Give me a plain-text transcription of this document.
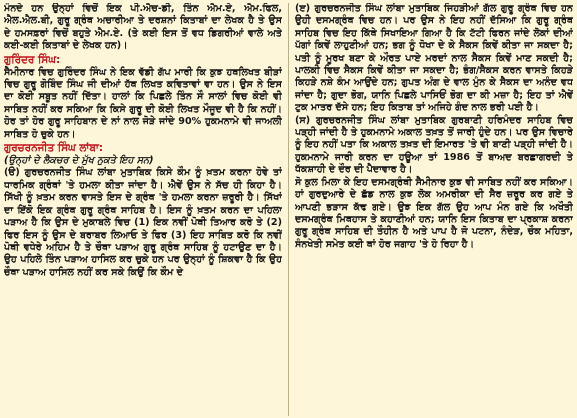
ਮੰਨਦੇ ਹਨ ਉਨ੍ਹਾਂ ਵਿਚੋਂ ਇਕ ਪੀ.ਐਚ-ਡੀ, ਤਿੰਨ ਐਮ.ਏ, ਐਮ.ਫਿਲ, ਐਲ.ਐਲ.ਬੀ, ਗੁਰੂ ਗ੍ਰੰਥ ਅਚਾਰੀਆ ਤੇ ਦਰਸ਼ਨਾਂ ਕਿਤਾਬਾਂ ਦਾ ਲੇਖਕ ਹੈ ਤੇ ਉਸ ਦੇ ਹਮਸਫ਼ਰਾਂ ਵਿਚੋਂ ਬਹੁਤੇ ਐਮ.ਏ. (ਤੇ ਕਈ ਇਸ ਤੋਂ ਵਧ ਡਿਗਰੀਆਂ ਵਾਲੇ ਅਤੇ ਕਈ-ਕਈ ਕਿਤਾਬਾਂ ਦੇ ਲੇਖਕ ਹਨ)।

ਗੁਰਿੰਦਰ ਸਿੰਘ:

ਸੈਮੀਨਾਰ ਵਿਚ ਗੁਰਿੰਦਰ ਸਿੰਘ ਨੇ ਇਕ ਵੱਡੀ ਗੱਪ ਮਾਰੀ ਕਿ ਕੁਝ ਹਥਲਿਖਤ ਬੀੜਾਂ ਵਿਚ ਗੁਰੂ ਗੋਬਿੰਦ ਸਿੰਘ ਜੀ ਦੀਆਂ ਹੱਥ ਲਿਖਤ ਕਵਿਤਾਵਾਂ ਵਾ ਹਨ। ਉਸ ਨੇ ਇਸ ਦਾ ਕੋਈ ਸਬੂਤ ਨਹੀਂ ਦਿੱਤਾ। ਹਾਲਾਂ ਕਿ ਪਿਛਲੇ ਤਿੰਨ ਸੌ ਸਾਲਾਂ ਵਿਚ ਕੋਈ ਵੀ ਸਾਬਿਤ ਨਹੀਂ ਕਰ ਸਕਿਆ ਕਿ ਕਿਸੇ ਗੁਰੂ ਦੀ ਕੋਈ ਲਿਖਤ ਮੌਜੂਦ ਵੀ ਹੈ ਕਿ ਨਹੀਂ। ਹੋਰ ਤਾਂ ਹੋਰ ਗੁਰੂ ਸਾਹਿਬਾਨ ਦੇ ਨਾਂ ਨਾਲ ਜੋੜੇ ਜਾਂਦੇ 90% ਹੁਕਮਨਾਮੇ ਵੀ ਜਾਅਲੀ ਸਾਬਿਤ ਹੋ ਚੁਕੇ ਹਨ।

ਗੁਰਚਰਨਜੀਤ ਸਿੰਘ ਲਾਂਬਾ:

(ਉਨ੍ਹਾਂ ਦੇ ਲੈਕਚਰ ਦੇ ਮੁੱਖ ਨੁਕਤੇ ਇਹ ਸਨ)

(ੳ) ਗੁਰਚਰਨਜੀਤ ਸਿੰਘ ਲਾਂਬਾ ਮੁਤਾਬਿਕ ਕਿਸੇ ਕੌਮ ਨੂੰ ਖ਼ਤਮ ਕਰਨਾ ਹੋਵੇ ਤਾਂ ਧਾਰਮਿਕ ਗ੍ਰੰਥਾਂ 'ਤੇ ਹਮਲਾ ਕੀਤਾ ਜਾਂਦਾ ਹੈ। ਐਵੇਂ ਉਸ ਨੇ ਸੱਚ ਹੀ ਕਿਹਾ ਹੈ। ਸਿੱਖੀ ਨੂੰ ਖ਼ਤਮ ਕਰਨ ਵਾਸਤੇ ਇਸ ਦੇ ਗ੍ਰੰਥ 'ਤੇ ਹਮਲਾ ਕਰਨਾ ਜ਼ਰੂਰੀ ਹੈ। ਸਿੱਖਾਂ ਦਾ ਇੱਕੋ ਇਕ ਗ੍ਰੰਥ ਗੁਰੂ ਗ੍ਰੰਥ ਸਾਹਿਬ ਹੈ। ਇਸ ਨੂੰ ਖ਼ਤਮ ਕਰਨ ਦਾ ਪਹਿਲਾ ਪੜਾਅ ਹੈ ਕਿ ਉਸ ਦੇ ਮੁਕਾਬਲੇ ਵਿਚ (1) ਇਕ ਨਵੀਂ ਪੋਥੀ ਤਿਆਰ ਕਰੋ ਤੇ (2) ਫਿਰ ਇਸ ਨੂੰ ਉਸ ਦੇ ਬਰਾਬਰ ਲਿਆਓ ਤੇ ਫਿਰ (3) ਇਹ ਸਾਬਿਤ ਕਰੋ ਕਿ ਨਵੀਂ ਪੋਥੀ ਵਧੇਰੇ ਅਹਿਮ ਹੈ ਤੇ ਚੌਥਾ ਪੜਾਅ ਗੁਰੂ ਗ੍ਰੰਥ ਸਾਹਿਬ ਨੂੰ ਹਟਾਉਣ ਦਾ ਹੈ। ਉਹ ਪਹਿਲੇ ਤਿੰਨ ਪੜਾਅ ਹਾਸਿਲ ਕਰ ਚੁਕੇ ਹਨ ਪਰ ਉਨ੍ਹਾਂ ਨੂੰ ਸ਼ਿਕਵਾ ਹੈ ਕਿ ਉਹ ਚੌਥਾ ਪੜਾਅ ਹਾਸਿਲ ਨਹੀਂ ਕਰ ਸਕੇ ਕਿਉਂ ਕਿ ਕੌਮ ਦੇ

(ੲ) ਗੁਰਚਰਨਜੀਤ ਸਿੰਘ ਲਾਂਬਾ ਮੁਤਾਬਿਕ ਜਿਹੜੀਆਂ ਗੱਲ ਗੁਰੂ ਗ੍ਰੰਥ ਵਿਚ ਹਨ ਉਹੀ ਦਸਮਗ੍ਰੰਥ ਵਿਚ ਹਨ। ਪਰ ਉਸ ਨੇ ਇਹ ਨਹੀਂ ਦੱਸਿਆ ਕਿ ਗੁਰੂ ਗ੍ਰੰਥ ਸਾਹਿਬ ਵਿਚ ਇਹ ਕਿੱਥੇ ਸਿਖਾਇਆ ਗਿਆ ਹੈ ਕਿ ਟੱਟੀ ਫਿਰਨ ਜਾਂਦੇ ਲੋਕਾਂ ਦੀਆਂ ਪੱਗਾਂ ਕਿਵੇਂ ਲਾਹੁਣੀਆਂ ਹਨ; ਭਗ ਨੂੰ ਧੋਖਾ ਦੇ ਕੇ ਸੈਕਸ ਕਿਵੇਂ ਕੀਤਾ ਜਾ ਸਕਦਾ ਹੈ; ਪਤੀ ਨੂੰ ਮੂਰਖ ਬਣਾ ਕੇ ਔਰਤ ਪਾਏ ਮਰਦਾਂ ਨਾਲ ਸੈਕਸ ਕਿਵੇਂ ਮਾਣ ਸਕਦੀ ਹੈ; ਪਾਲਕੀ ਵਿਚ ਸੈਕਸ ਕਿਵੇਂ ਕੀਤਾ ਜਾ ਸਕਦਾ ਹੈ; ਭੰਗ/ਸੈਕਸ ਕਰਨ ਵਾਸਤੇ ਕਿਹੜੇ ਕਿਹੜੇ ਨਸ਼ੇ ਕੰਮ ਆਉਂਦੇ ਹਨ; ਗੁਪਤ ਅੰਗ ਦੇ ਵਾਲ ਮੁੰਨ ਕੇ ਸੈਕਸ ਦਾ ਅਨੰਦ ਵਧ ਜਾਂਦਾ ਹੈ; ਗੁਦਾ ਭੋਗ, ਯਾਨਿ ਪਿਛਲੇ ਪਾਸਿਓਂ ਭੋਗ ਦਾ ਕੀ ਮਜ਼ਾ ਹੈ; ਇਹ ਤਾਂ ਐਵੇਂ ਟੁਕ ਮਾਤਰ ਦੱਸੇ ਹਨ; ਇਹ ਕਿਤਾਬ ਤਾਂ ਅਜਿਹੇ ਗੰਦ ਨਾਲ ਭਰੀ ਪਈ ਹੈ।

(ਸ) ਗੁਰਚਰਨਜੀਤ ਸਿੰਘ ਲਾਂਬਾ ਮੁਤਾਬਿਕ ਗੁਰਬਾਣੀ ਹਰਿਮੰਦਰ ਸਾਹਿਬ ਵਿਚ ਪੜ੍ਹੀ ਜਾਂਦੀ ਹੈ ਤੇ ਹੁਕਮਨਾਮੇ ਅਕਾਲ ਤਖ਼ਤ ਤੋਂ ਜਾਰੀ ਹੁੰਦੇ ਹਨ। ਪਰ ਉਸ ਵਿਚਾਰੇ ਨੂੰ ਇਹ ਨਹੀਂ ਪਤਾ ਕਿ ਅਕਾਲ ਤਖ਼ਤ ਦੀ ਇਮਾਰਤ 'ਤੇ ਵੀ ਬਾਣੀ ਪੜ੍ਹੀ ਜਾਂਦੀ ਹੈ। ਹੁਕਮਨਾਮੇ ਜਾਰੀ ਕਰਨ ਦਾ ਹਊਆ ਤਾਂ 1986 ਤੋਂ ਬਾਅਦ ਬਰਛਾਗਰਦੀ ਤੇ ਧੱਕਸ਼ਾਹੀ ਦੇ ਦੌਰ ਦੀ ਪੈਦਾਵਾਰ ਹੈ।

ਸੋ ਕੁਲ ਮਿਲਾ ਕੇ ਇਹ ਦਸਮਗ੍ਰੰਥੀ ਸੈਮੀਨਾਰ ਕੁਝ ਵੀ ਸਾਬਿਤ ਨਹੀਂ ਕਰ ਸਕਿਆ। ਹਾਂ ਗੁਰਦੁਆਰੇ ਦੇ ਛੱਡ ਨਾਲ ਕੁਝ ਲੋਕ ਅਮਰੀਕਾ ਦੀ ਸੈਰ ਜ਼ਰੂਰ ਕਰ ਗਏ ਤੇ ਆਪਣੀ ਭੜਾਸ ਕੱਢ ਗਏ। ਉਝ ਇਕ ਗੱਲ ਉਹ ਆਪ ਮੰਨ ਗਏ ਕਿ ਅਖੌਤੀ ਦਸਮਗ੍ਰੰਥ ਮਿਥਹਾਸ ਤੇ ਕਹਾਣੀਆਂ ਹਨ; ਯਾਨਿ ਇਸ ਕਿਤਾਬ ਦਾ ਪ੍ਰਕਾਸ਼ ਕਰਨਾ ਗੁਰੂ ਗ੍ਰੰਥ ਸਾਹਿਬ ਦੀ ਤੌਹੀਨ ਹੈ ਅਤੇ ਪਾਪ ਹੈ ਜੋ ਪਟਨਾ, ਨੰਦੇੜ, ਚੌਕ ਮਹਿਤਾ, ਸੰਨਖੇਤੀ ਸਮੇਤ ਕਈ ਥਾਂ ਹੋਰ ਜਗਾਹ 'ਤੇ ਹੋ ਰਿਹਾ ਹੈ।
